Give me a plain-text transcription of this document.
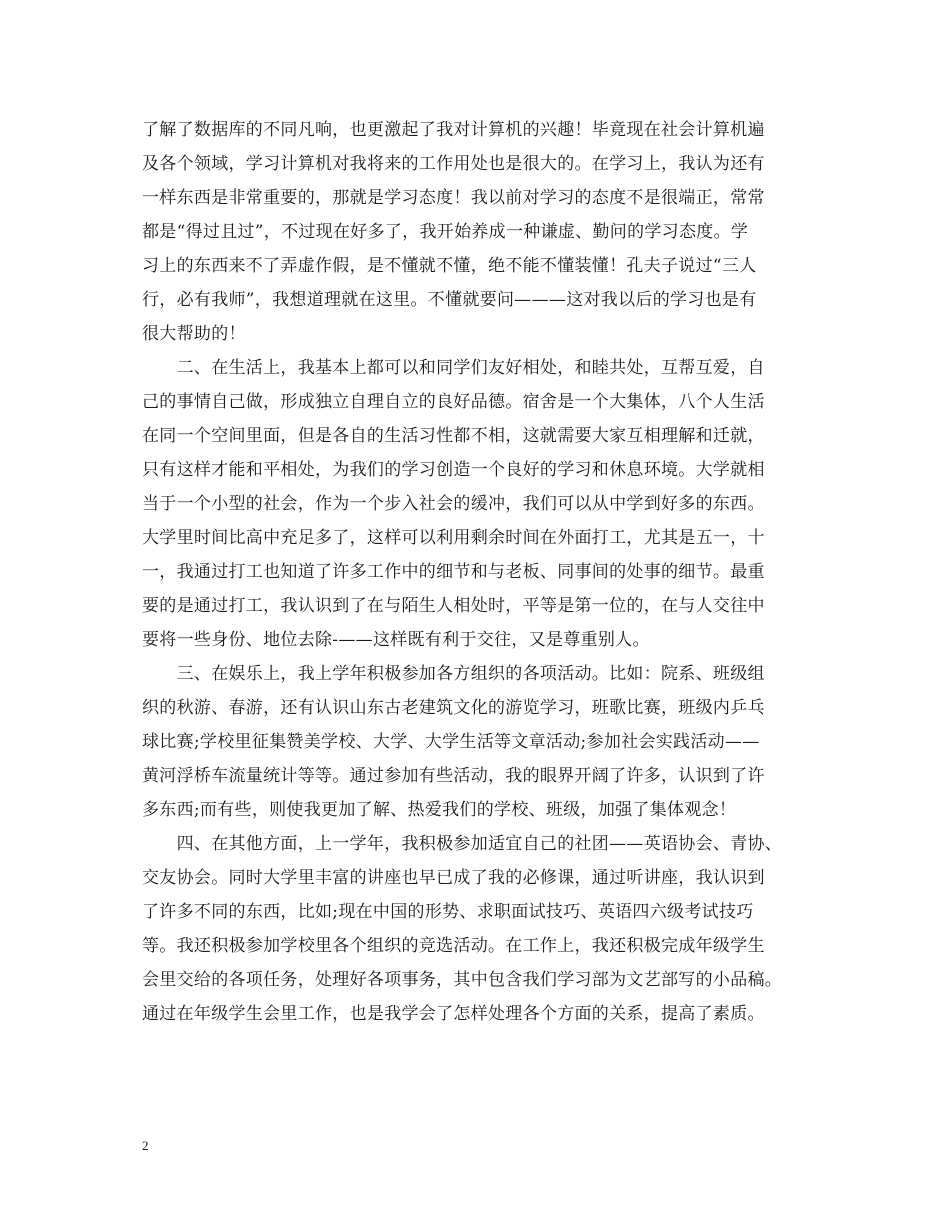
了解了数据库的不同凡响，也更激起了我对计算机的兴趣！毕竟现在社会计算机遍
及各个领域，学习计算机对我将来的工作用处也是很大的。在学习上，我认为还有
一样东西是非常重要的，那就是学习态度！我以前对学习的态度不是很端正，常常
都是“得过且过”，不过现在好多了，我开始养成一种谦虚、勤问的学习态度。学
习上的东西来不了弄虚作假，是不懂就不懂，绝不能不懂装懂！孔夫子说过“三人
行，必有我师”，我想道理就在这里。不懂就要问———这对我以后的学习也是有
很大帮助的！
　　二、在生活上，我基本上都可以和同学们友好相处，和睦共处，互帮互爱，自
己的事情自己做，形成独立自理自立的良好品德。宿舍是一个大集体，八个人生活
在同一个空间里面，但是各自的生活习性都不相，这就需要大家互相理解和迁就，
只有这样才能和平相处，为我们的学习创造一个良好的学习和休息环境。大学就相
当于一个小型的社会，作为一个步入社会的缓冲，我们可以从中学到好多的东西。
大学里时间比高中充足多了，这样可以利用剩余时间在外面打工，尤其是五一，十
一，我通过打工也知道了许多工作中的细节和与老板、同事间的处事的细节。最重
要的是通过打工，我认识到了在与陌生人相处时，平等是第一位的，在与人交往中
要将一些身份、地位去除-——这样既有利于交往，又是尊重别人。
　　三、在娱乐上，我上学年积极参加各方组织的各项活动。比如：院系、班级组
织的秋游、春游，还有认识山东古老建筑文化的游览学习，班歌比赛，班级内乒乓
球比赛;学校里征集赞美学校、大学、大学生活等文章活动;参加社会实践活动——
黄河浮桥车流量统计等等。通过参加有些活动，我的眼界开阔了许多，认识到了许
多东西;而有些，则使我更加了解、热爱我们的学校、班级，加强了集体观念！
　　四、在其他方面，上一学年，我积极参加适宜自己的社团——英语协会、青协、
交友协会。同时大学里丰富的讲座也早已成了我的必修课，通过听讲座，我认识到
了许多不同的东西，比如;现在中国的形势、求职面试技巧、英语四六级考试技巧
等。我还积极参加学校里各个组织的竞选活动。在工作上，我还积极完成年级学生
会里交给的各项任务，处理好各项事务，其中包含我们学习部为文艺部写的小品稿。
通过在年级学生会里工作，也是我学会了怎样处理各个方面的关系，提高了素质。
2
